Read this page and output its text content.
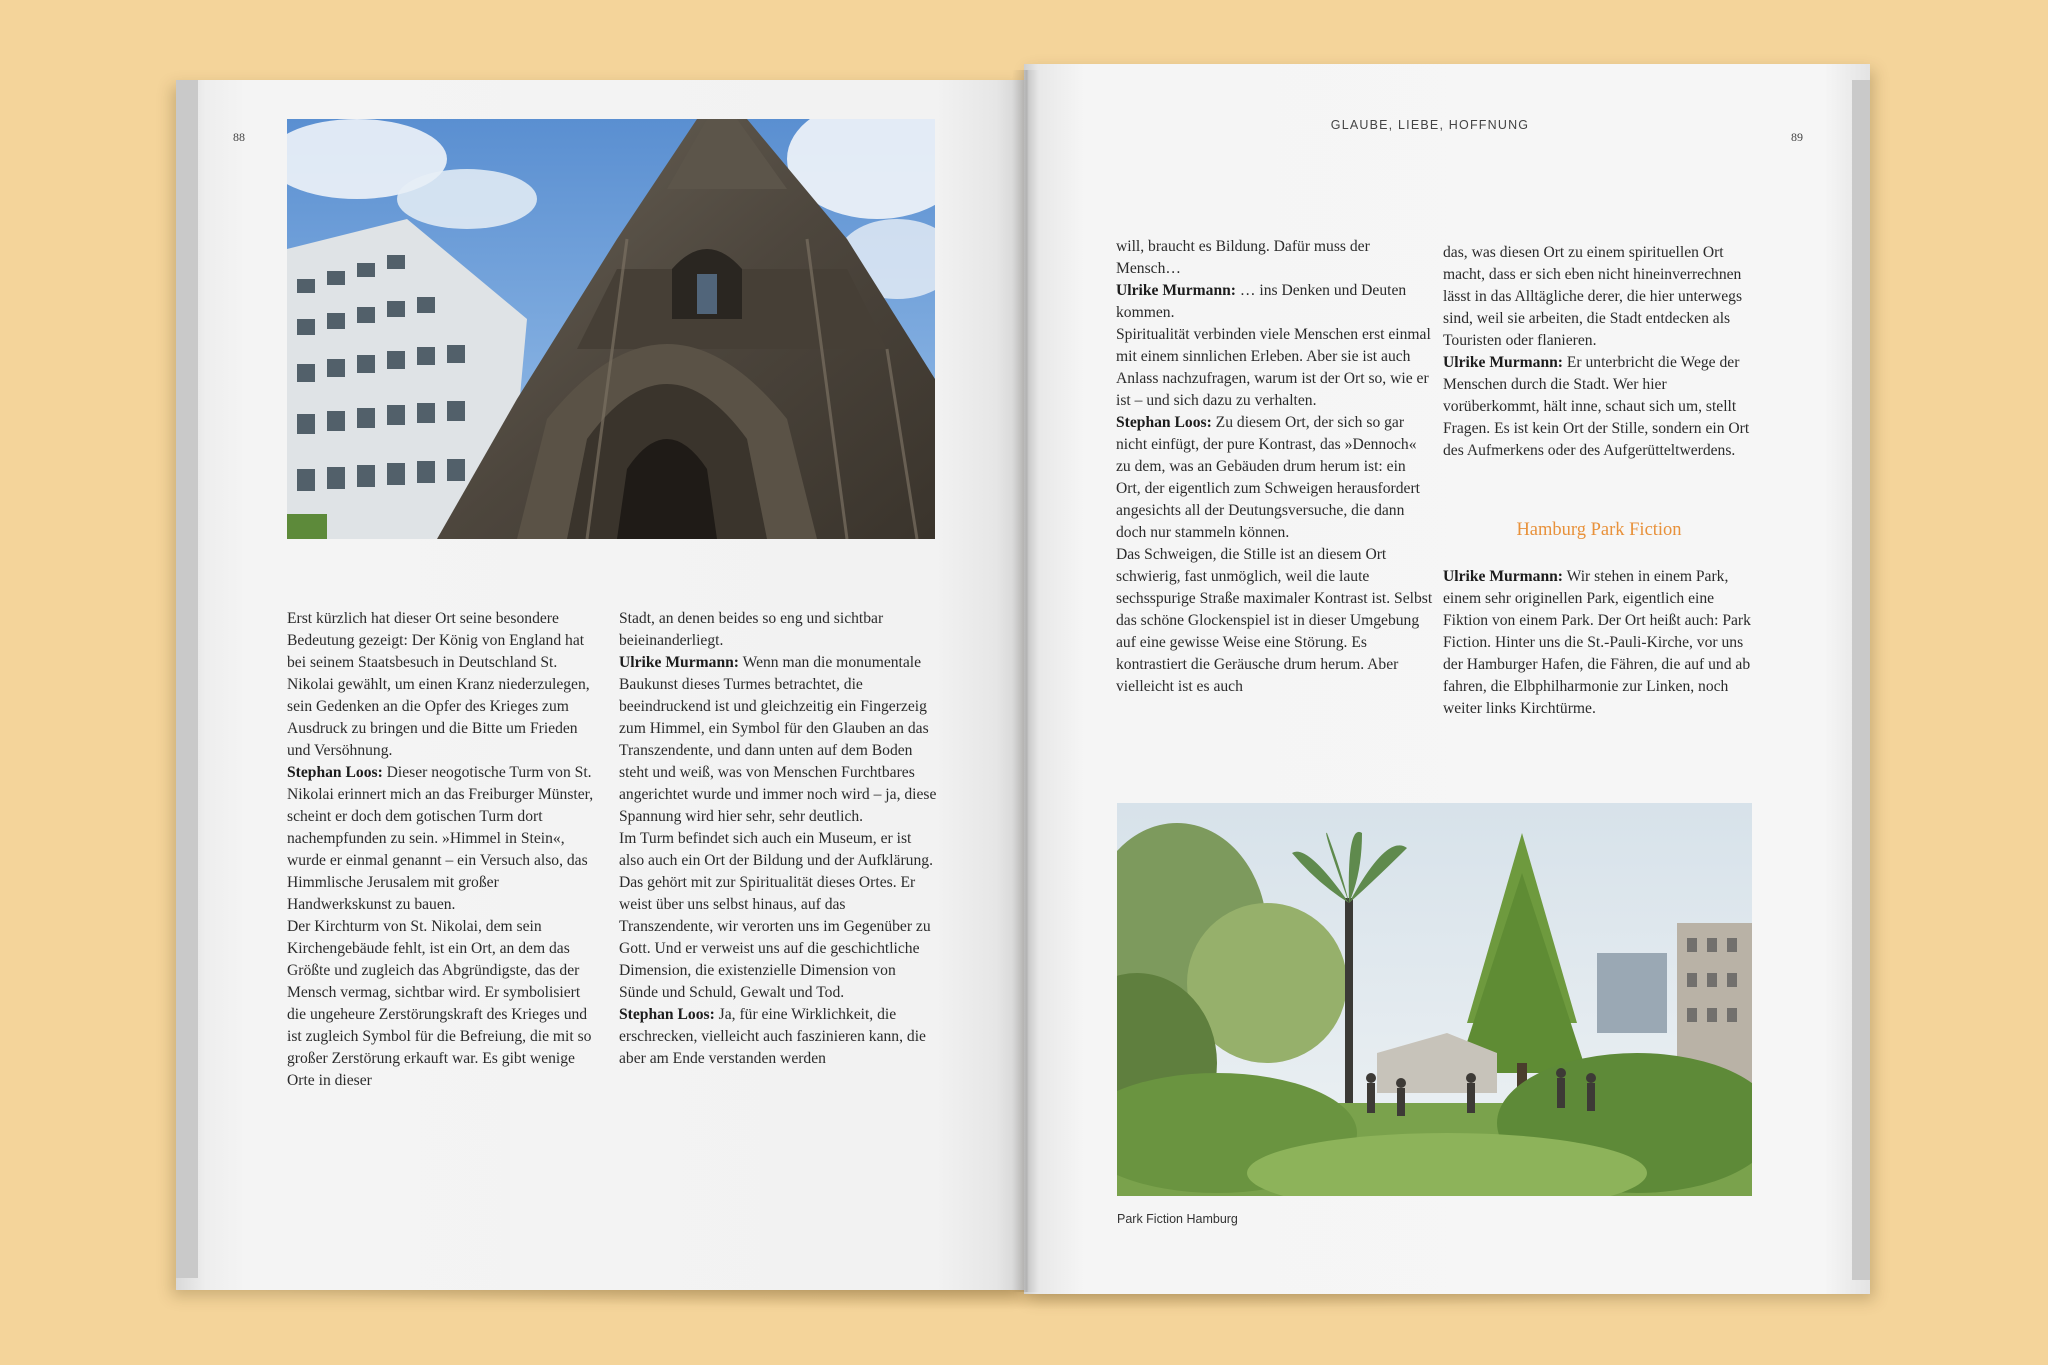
88

Erst kürzlich hat dieser Ort seine besondere Bedeutung gezeigt: Der König von England hat bei seinem Staatsbesuch in Deutschland St. Nikolai gewählt, um einen Kranz niederzulegen, sein Gedenken an die Opfer des Krieges zum Ausdruck zu bringen und die Bitte um Frieden und Versöhnung.

Stephan Loos: Dieser neogotische Turm von St. Nikolai erinnert mich an das Freiburger Münster, scheint er doch dem gotischen Turm dort nachempfunden zu sein. »Himmel in Stein«, wurde er einmal genannt – ein Versuch also, das Himmlische Jerusalem mit großer Handwerkskunst zu bauen.

Der Kirchturm von St. Nikolai, dem sein Kirchengebäude fehlt, ist ein Ort, an dem das Größte und zugleich das Abgründigste, das der Mensch vermag, sichtbar wird. Er symbolisiert die ungeheure Zerstörungskraft des Krieges und ist zugleich Symbol für die Befreiung, die mit so großer Zerstörung erkauft war. Es gibt wenige Orte in dieser

Stadt, an denen beides so eng und sichtbar beieinanderliegt.

Ulrike Murmann: Wenn man die monumentale Baukunst dieses Turmes betrachtet, die beeindruckend ist und gleichzeitig ein Fingerzeig zum Himmel, ein Symbol für den Glauben an das Transzendente, und dann unten auf dem Boden steht und weiß, was von Menschen Furchtbares angerichtet wurde und immer noch wird – ja, diese Spannung wird hier sehr, sehr deutlich.

Im Turm befindet sich auch ein Museum, er ist also auch ein Ort der Bildung und der Aufklärung. Das gehört mit zur Spiritualität dieses Ortes. Er weist über uns selbst hinaus, auf das Transzendente, wir verorten uns im Gegenüber zu Gott. Und er verweist uns auf die geschichtliche Dimension, die existenzielle Dimension von Sünde und Schuld, Gewalt und Tod.

Stephan Loos: Ja, für eine Wirklichkeit, die erschrecken, vielleicht auch faszinieren kann, die aber am Ende verstanden werden

GLAUBE, LIEBE, HOFFNUNG
89

will, braucht es Bildung. Dafür muss der Mensch…

Ulrike Murmann: … ins Denken und Deuten kommen.

Spiritualität verbinden viele Menschen erst einmal mit einem sinnlichen Erleben. Aber sie ist auch Anlass nachzufragen, warum ist der Ort so, wie er ist – und sich dazu zu verhalten.

Stephan Loos: Zu diesem Ort, der sich so gar nicht einfügt, der pure Kontrast, das »Dennoch« zu dem, was an Gebäuden drum herum ist: ein Ort, der eigentlich zum Schweigen herausfordert angesichts all der Deutungsversuche, die dann doch nur stammeln können.

Das Schweigen, die Stille ist an diesem Ort schwierig, fast unmöglich, weil die laute sechsspurige Straße maximaler Kontrast ist. Selbst das schöne Glockenspiel ist in dieser Umgebung auf eine gewisse Weise eine Störung. Es kontrastiert die Geräusche drum herum. Aber vielleicht ist es auch

das, was diesen Ort zu einem spirituellen Ort macht, dass er sich eben nicht hineinverrechnen lässt in das Alltägliche derer, die hier unterwegs sind, weil sie arbeiten, die Stadt entdecken als Touristen oder flanieren.

Ulrike Murmann: Er unterbricht die Wege der Menschen durch die Stadt. Wer hier vorüberkommt, hält inne, schaut sich um, stellt Fragen. Es ist kein Ort der Stille, sondern ein Ort des Aufmerkens oder des Aufgerütteltwerdens.

Hamburg Park Fiction

Ulrike Murmann: Wir stehen in einem Park, einem sehr originellen Park, eigentlich eine Fiktion von einem Park. Der Ort heißt auch: Park Fiction. Hinter uns die St.-Pauli-Kirche, vor uns der Hamburger Hafen, die Fähren, die auf und ab fahren, die Elbphilharmonie zur Linken, noch weiter links Kirchtürme.

Park Fiction Hamburg
